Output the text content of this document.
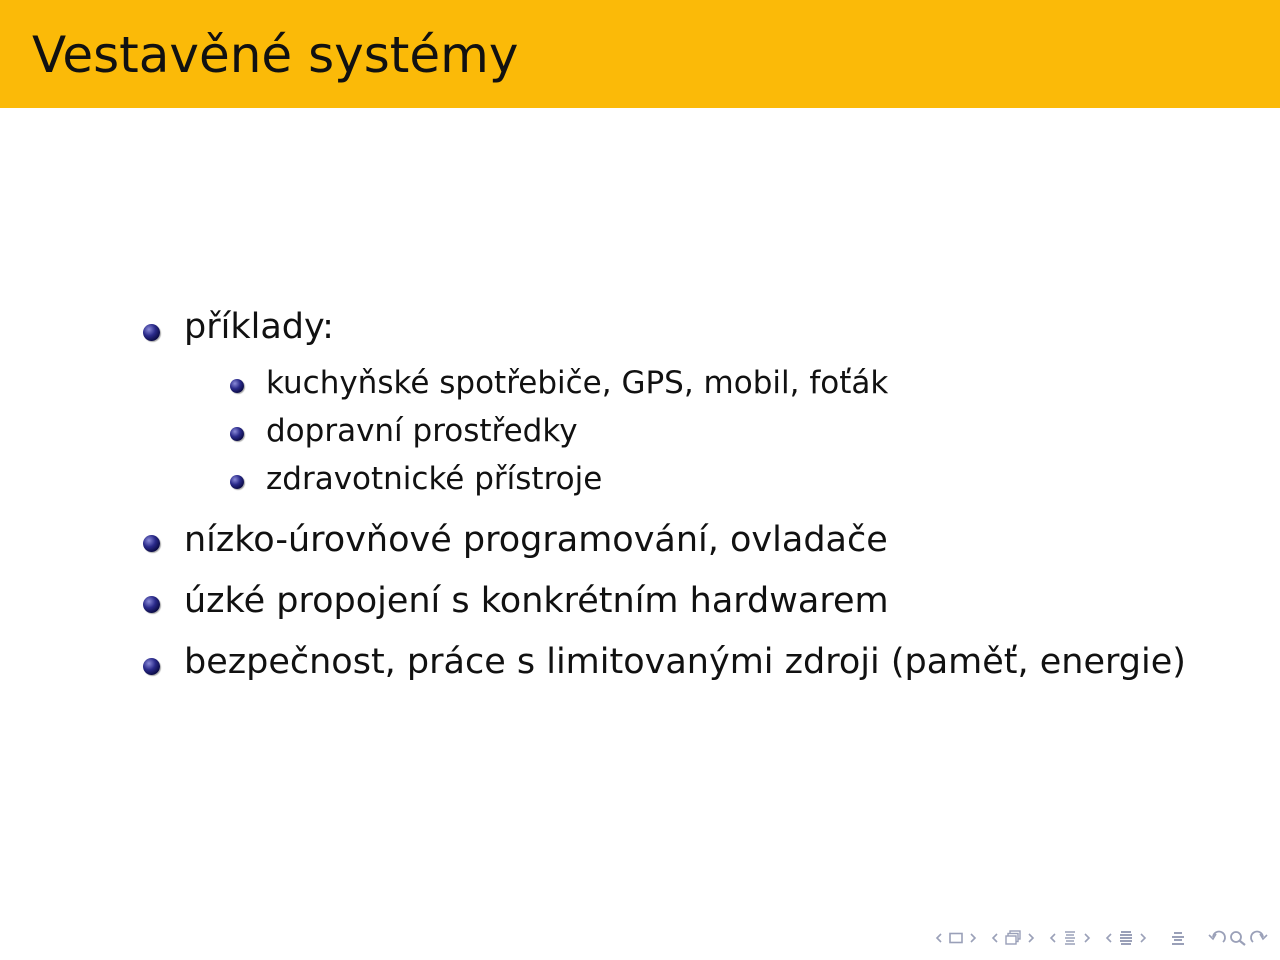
Vestavěné systémy
příklady:
kuchyňské spotřebiče, GPS, mobil, foťák
dopravní prostředky
zdravotnické přístroje
nízko-úrovňové programování, ovladače
úzké propojení s konkrétním hardwarem
bezpečnost, práce s limitovanými zdroji (paměť, energie)
